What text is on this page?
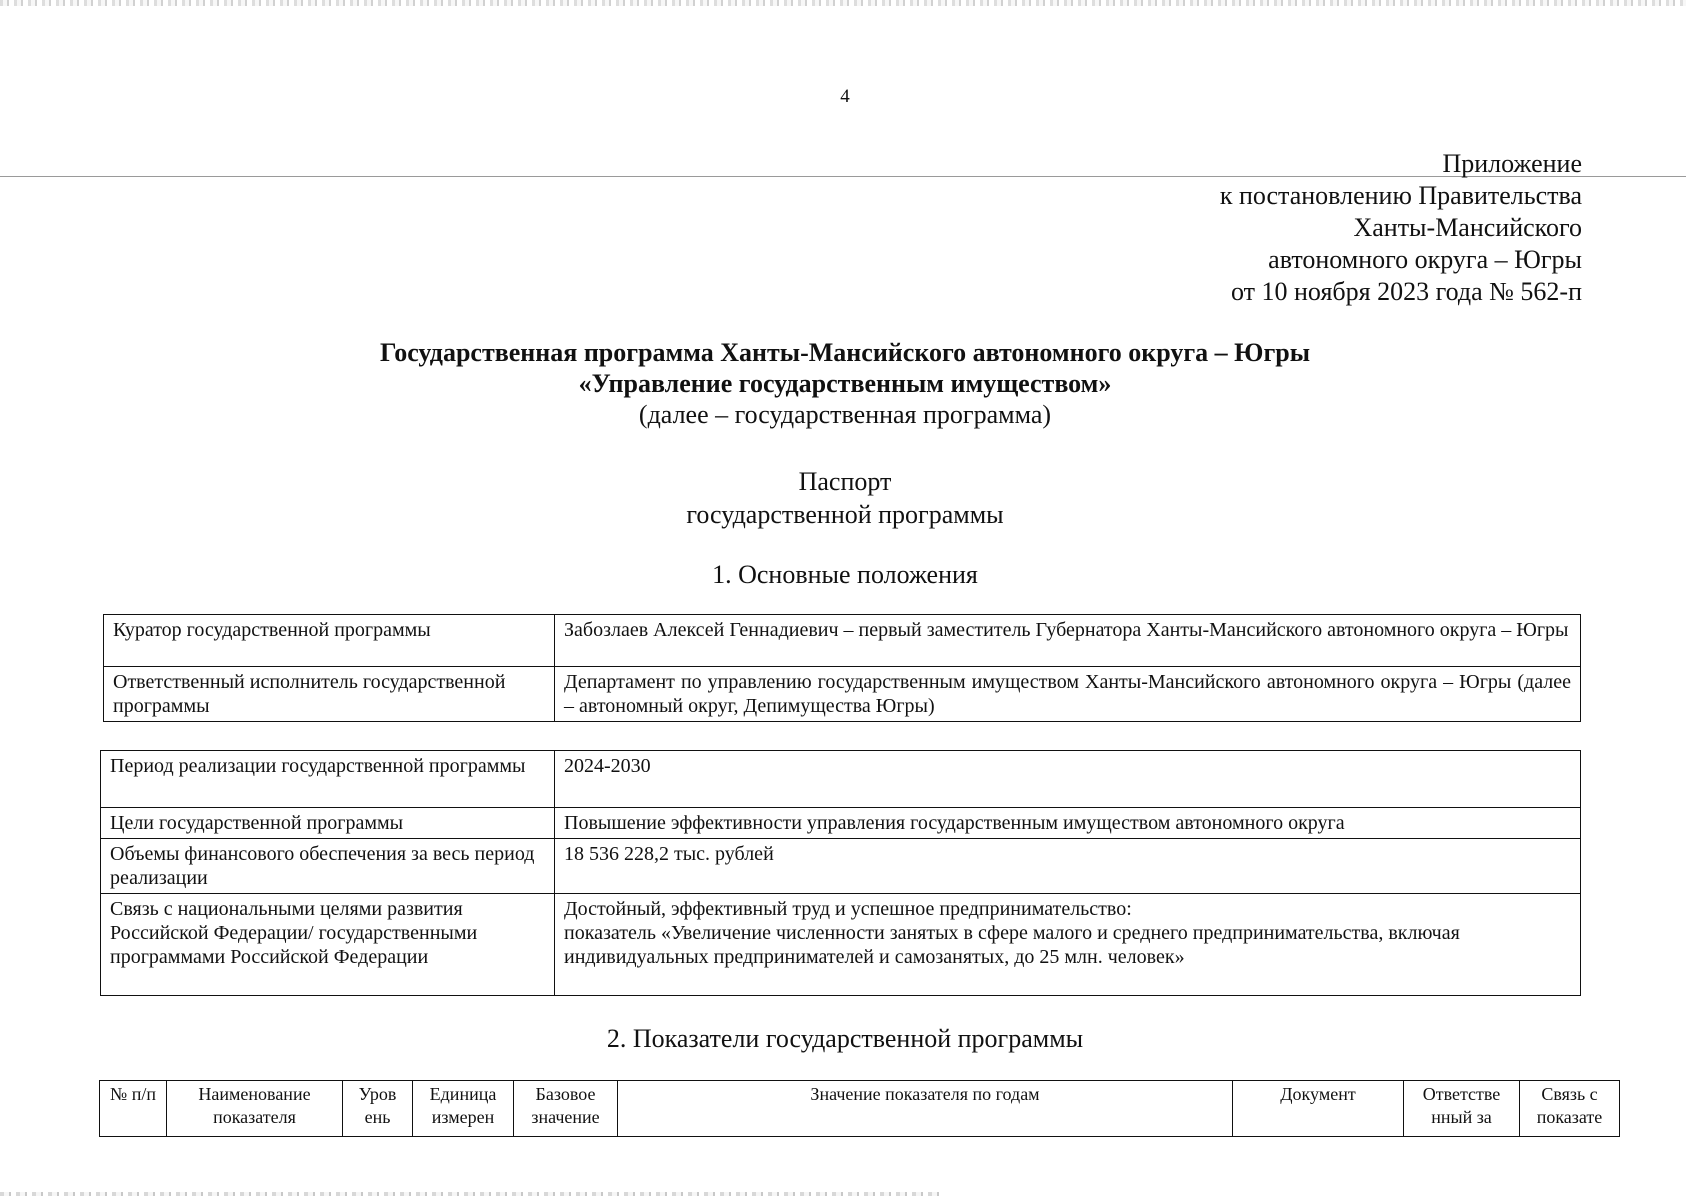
4
Приложение
к постановлению Правительства
Ханты-Мансийского
автономного округа – Югры
от 10 ноября 2023 года № 562-п
Государственная программа Ханты-Мансийского автономного округа – Югры
«Управление государственным имуществом»
(далее – государственная программа)
Паспорт
государственной программы
1. Основные положения
Куратор государственной программы	Забозлаев Алексей Геннадиевич – первый заместитель Губернатора Ханты-Мансийского автономного округа – Югры
Ответственный исполнитель государственной программы	Департамент по управлению государственным имуществом Ханты-Мансийского автономного округа – Югры (далее – автономный округ, Депимущества Югры)
Период реализации государственной программы	2024-2030
Цели государственной программы	Повышение эффективности управления государственным имуществом автономного округа
Объемы финансового обеспечения за весь период реализации	18 536 228,2 тыс. рублей
Связь с национальными целями развития Российской Федерации/ государственными программами Российской Федерации	Достойный, эффективный труд и успешное предпринимательство:
показатель «Увеличение численности занятых в сфере малого и среднего предпринимательства, включая индивидуальных предпринимателей и самозанятых, до 25 млн. человек»
2. Показатели государственной программы
№ п/п	Наименование показателя	Уров ень	Единица измерен	Базовое значение	Значение показателя по годам	Документ	Ответстве нный за	Связь с показате
